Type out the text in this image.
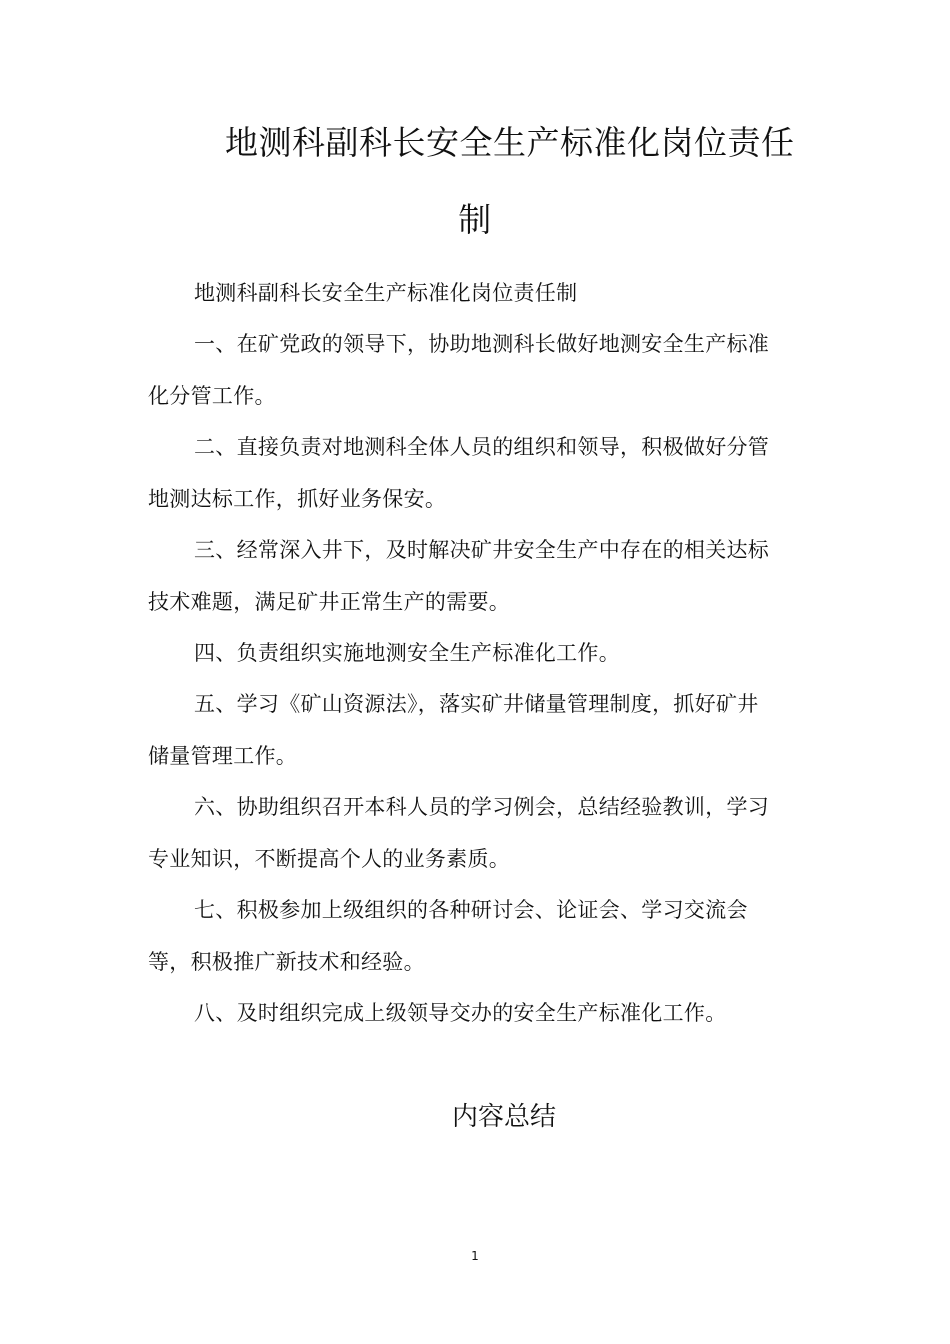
地测科副科长安全生产标准化岗位责任
制
地测科副科长安全生产标准化岗位责任制
一、在矿党政的领导下，协助地测科长做好地测安全生产标准
化分管工作。
二、直接负责对地测科全体人员的组织和领导，积极做好分管
地测达标工作，抓好业务保安。
三、经常深入井下，及时解决矿井安全生产中存在的相关达标
技术难题，满足矿井正常生产的需要。
四、负责组织实施地测安全生产标准化工作。
五、学习《矿山资源法》，落实矿井储量管理制度，抓好矿井
储量管理工作。
六、协助组织召开本科人员的学习例会，总结经验教训，学习
专业知识，不断提高个人的业务素质。
七、积极参加上级组织的各种研讨会、论证会、学习交流会
等，积极推广新技术和经验。
八、及时组织完成上级领导交办的安全生产标准化工作。
内容总结
1
